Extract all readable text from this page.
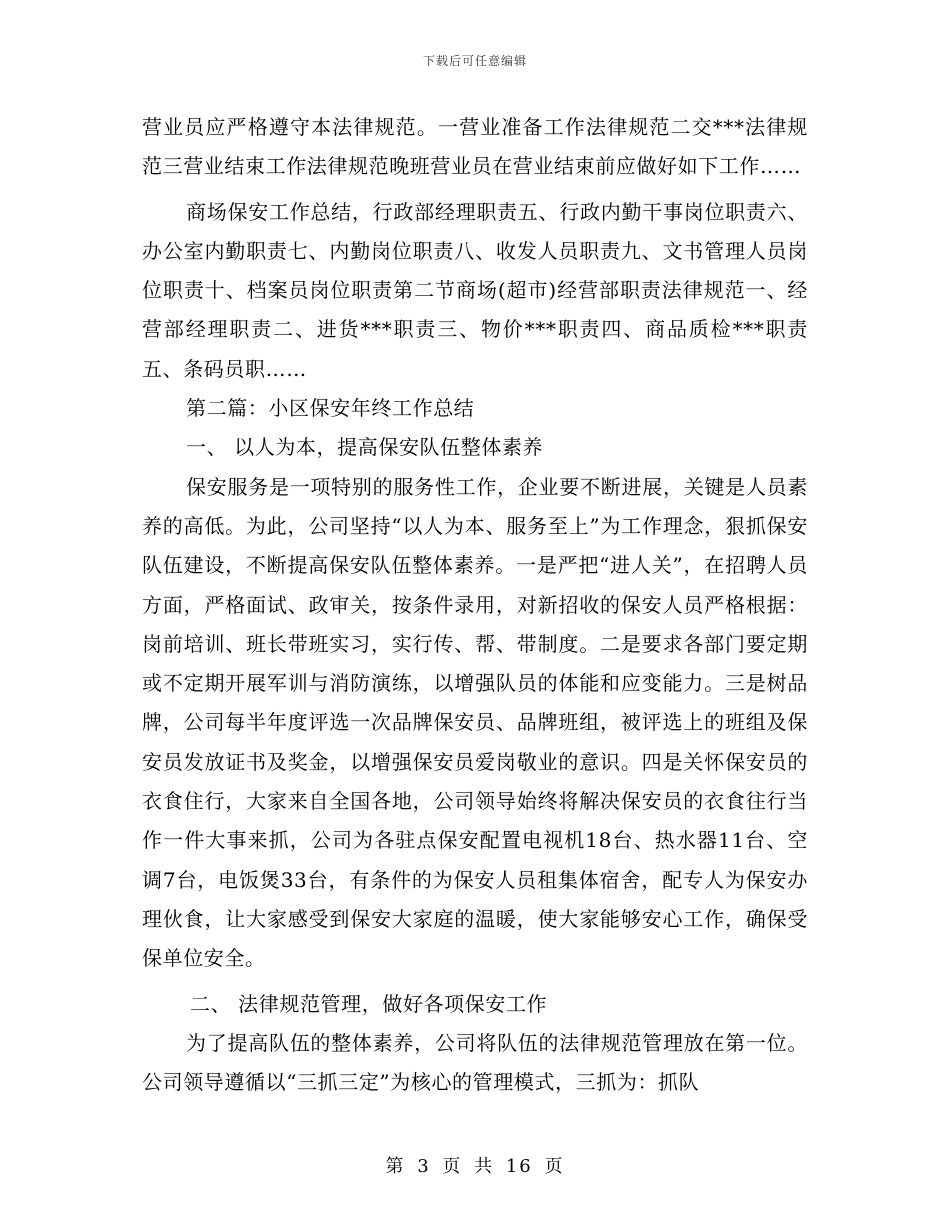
下载后可任意编辑

营业员应严格遵守本法律规范。一营业准备工作法律规范二交***法律规范三营业结束工作法律规范晚班营业员在营业结束前应做好如下工作……

商场保安工作总结，行政部经理职责五、行政内勤干事岗位职责六、办公室内勤职责七、内勤岗位职责八、收发人员职责九、文书管理人员岗位职责十、档案员岗位职责第二节商场(超市)经营部职责法律规范一、经营部经理职责二、进货***职责三、物价***职责四、商品质检***职责五、条码员职……

第二篇：小区保安年终工作总结

一、 以人为本，提高保安队伍整体素养

保安服务是一项特别的服务性工作，企业要不断进展，关键是人员素养的高低。为此，公司坚持“以人为本、服务至上”为工作理念，狠抓保安队伍建设，不断提高保安队伍整体素养。一是严把“进人关”，在招聘人员方面，严格面试、政审关，按条件录用，对新招收的保安人员严格根据：岗前培训、班长带班实习，实行传、帮、带制度。二是要求各部门要定期或不定期开展军训与消防演练，以增强队员的体能和应变能力。三是树品牌，公司每半年度评选一次品牌保安员、品牌班组，被评选上的班组及保安员发放证书及奖金，以增强保安员爱岗敬业的意识。四是关怀保安员的衣食住行，大家来自全国各地，公司领导始终将解决保安员的衣食往行当作一件大事来抓，公司为各驻点保安配置电视机18台、热水器11台、空调7台，电饭煲33台，有条件的为保安人员租集体宿舍，配专人为保安办理伙食，让大家感受到保安大家庭的温暖，使大家能够安心工作，确保受保单位安全。

二、 法律规范管理，做好各项保安工作

为了提高队伍的整体素养，公司将队伍的法律规范管理放在第一位。公司领导遵循以“三抓三定”为核心的管理模式，三抓为：抓队

第 3 页 共 16 页
